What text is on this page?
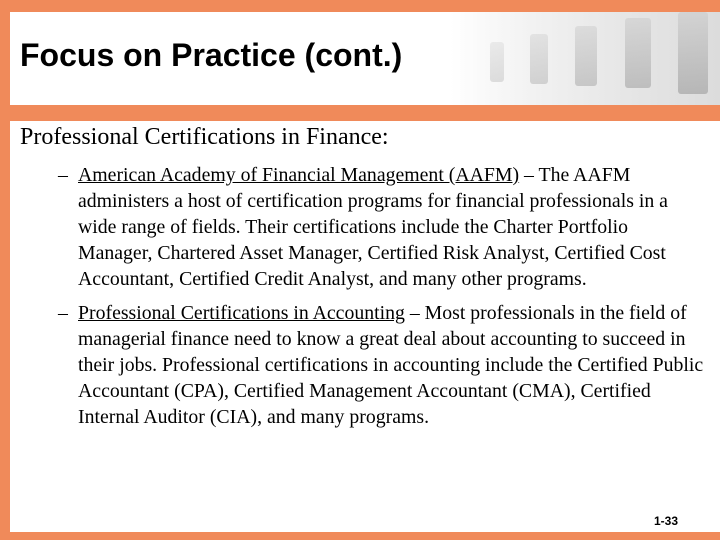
Focus on Practice (cont.)

Professional Certifications in Finance:

– American Academy of Financial Management (AAFM) – The AAFM administers a host of certification programs for financial professionals in a wide range of fields. Their certifications include the Charter Portfolio Manager, Chartered Asset Manager, Certified Risk Analyst, Certified Cost Accountant, Certified Credit Analyst, and many other programs.
– Professional Certifications in Accounting – Most professionals in the field of managerial finance need to know a great deal about accounting to succeed in their jobs. Professional certifications in accounting include the Certified Public Accountant (CPA), Certified Management Accountant (CMA), Certified Internal Auditor (CIA), and many programs.
1-33
